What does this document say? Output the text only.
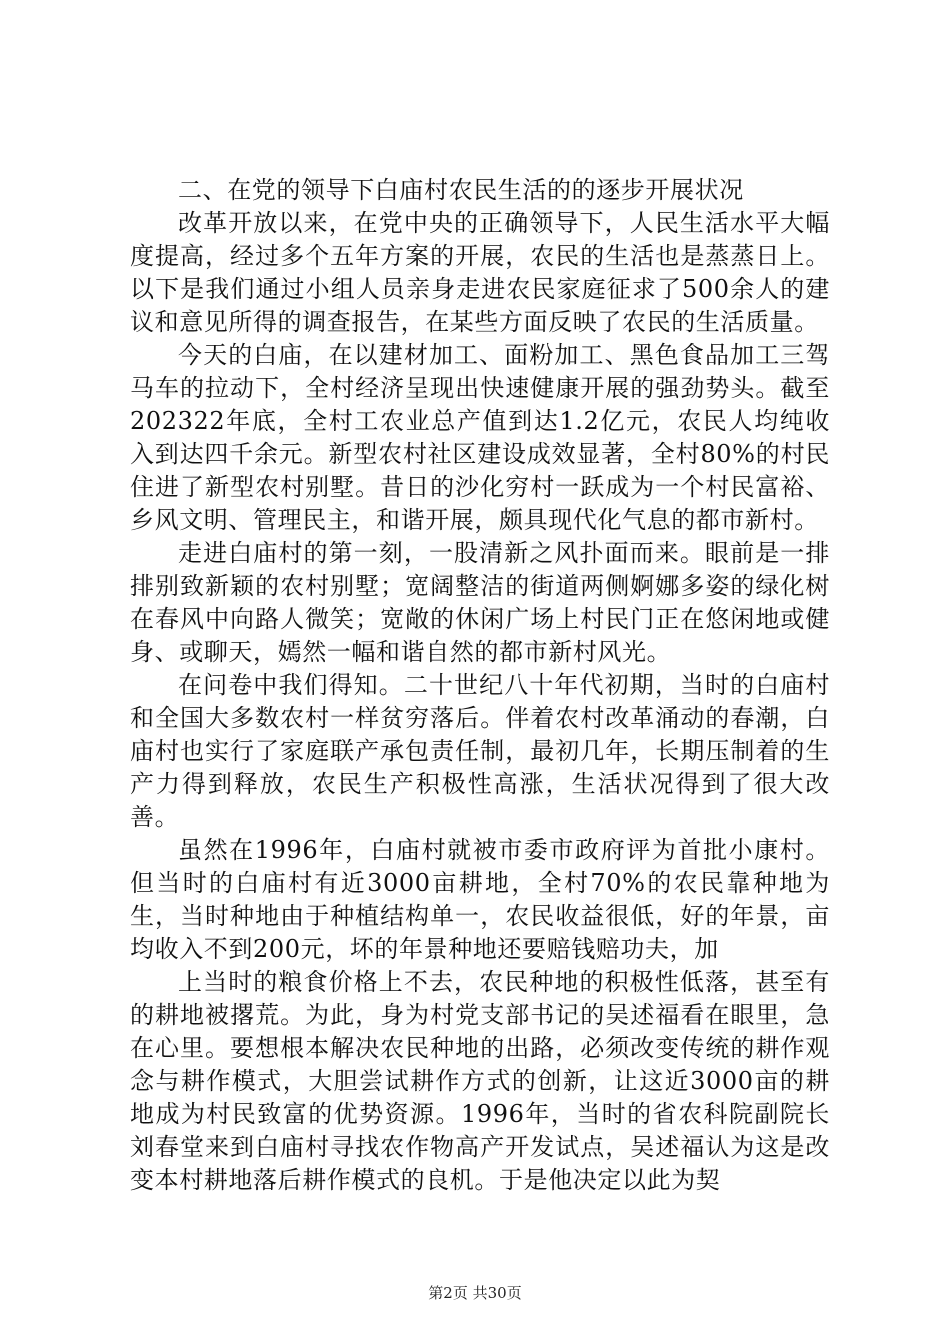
二、在党的领导下白庙村农民生活的的逐步开展状况

改革开放以来，在党中央的正确领导下，人民生活水平大幅度提高，经过多个五年方案的开展，农民的生活也是蒸蒸日上。以下是我们通过小组人员亲身走进农民家庭征求了500余人的建议和意见所得的调查报告，在某些方面反映了农民的生活质量。

今天的白庙，在以建材加工、面粉加工、黑色食品加工三驾马车的拉动下，全村经济呈现出快速健康开展的强劲势头。截至202322年底，全村工农业总产值到达1.2亿元，农民人均纯收入到达四千余元。新型农村社区建设成效显著，全村80%的村民住进了新型农村别墅。昔日的沙化穷村一跃成为一个村民富裕、乡风文明、管理民主，和谐开展，颇具现代化气息的都市新村。

走进白庙村的第一刻，一股清新之风扑面而来。眼前是一排排别致新颖的农村别墅；宽阔整洁的街道两侧婀娜多姿的绿化树在春风中向路人微笑；宽敞的休闲广场上村民门正在悠闲地或健身、或聊天，嫣然一幅和谐自然的都市新村风光。

在问卷中我们得知。二十世纪八十年代初期，当时的白庙村和全国大多数农村一样贫穷落后。伴着农村改革涌动的春潮，白庙村也实行了家庭联产承包责任制，最初几年，长期压制着的生产力得到释放，农民生产积极性高涨，生活状况得到了很大改善。

虽然在1996年，白庙村就被市委市政府评为首批小康村。但当时的白庙村有近3000亩耕地，全村70%的农民靠种地为生，当时种地由于种植结构单一，农民收益很低，好的年景，亩均收入不到200元，坏的年景种地还要赔钱赔功夫，加

上当时的粮食价格上不去，农民种地的积极性低落，甚至有的耕地被撂荒。为此，身为村党支部书记的吴述福看在眼里，急在心里。要想根本解决农民种地的出路，必须改变传统的耕作观念与耕作模式，大胆尝试耕作方式的创新，让这近3000亩的耕地成为村民致富的优势资源。1996年，当时的省农科院副院长刘春堂来到白庙村寻找农作物高产开发试点，吴述福认为这是改变本村耕地落后耕作模式的良机。于是他决定以此为契

第2页 共30页
